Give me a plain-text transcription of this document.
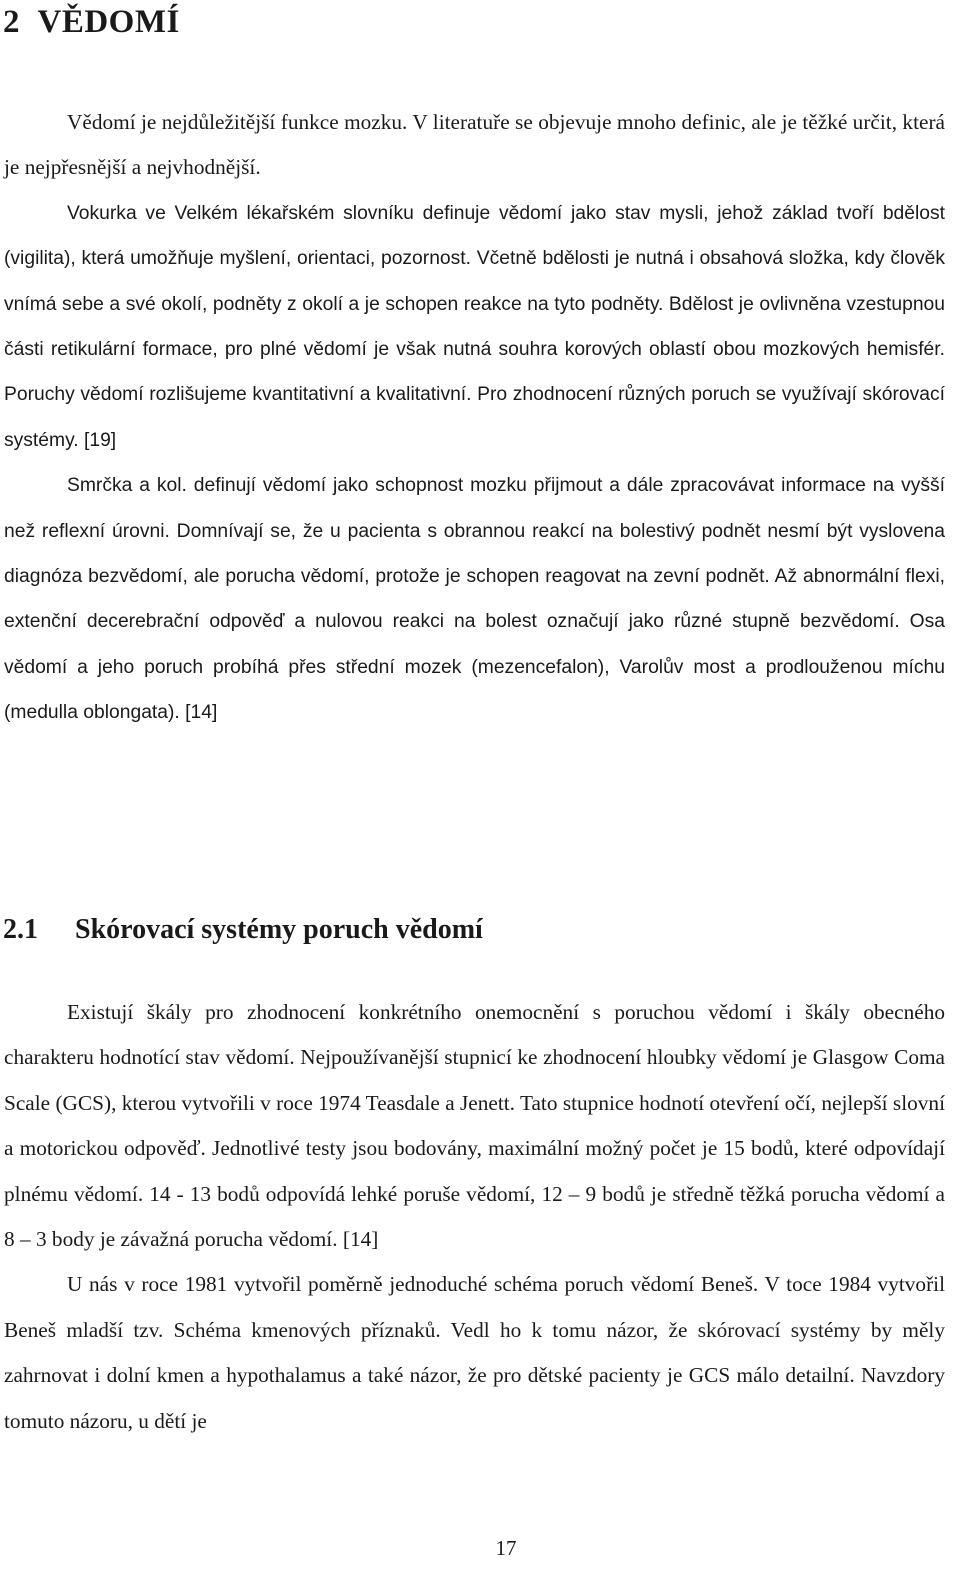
2 VĚDOMÍ

Vědomí je nejdůležitější funkce mozku. V literatuře se objevuje mnoho definic, ale je těžké určit, která je nejpřesnější a nejvhodnější.

Vokurka ve Velkém lékařském slovníku definuje vědomí jako stav mysli, jehož základ tvoří bdělost (vigilita), která umožňuje myšlení, orientaci, pozornost. Včetně bdělosti je nutná i obsahová složka, kdy člověk vnímá sebe a své okolí, podněty z okolí a je schopen reakce na tyto podněty. Bdělost je ovlivněna vzestupnou části retikulární formace, pro plné vědomí je však nutná souhra korových oblastí obou mozkových hemisfér. Poruchy vědomí rozlišujeme kvantitativní a kvalitativní. Pro zhodnocení různých poruch se využívají skórovací systémy. [19]

Smrčka a kol. definují vědomí jako schopnost mozku přijmout a dále zpracovávat informace na vyšší než reflexní úrovni. Domnívají se, že u pacienta s obrannou reakcí na bolestivý podnět nesmí být vyslovena diagnóza bezvědomí, ale porucha vědomí, protože je schopen reagovat na zevní podnět. Až abnormální flexi, extenční decerebrační odpověď a nulovou reakci na bolest označují jako různé stupně bezvědomí. Osa vědomí a jeho poruch probíhá přes střední mozek (mezencefalon), Varolův most a prodlouženou míchu (medulla oblongata). [14]

2.1 Skórovací systémy poruch vědomí

Existují škály pro zhodnocení konkrétního onemocnění s poruchou vědomí i škály obecného charakteru hodnotící stav vědomí. Nejpoužívanější stupnicí ke zhodnocení hloubky vědomí je Glasgow Coma Scale (GCS), kterou vytvořili v roce 1974 Teasdale a Jenett. Tato stupnice hodnotí otevření očí, nejlepší slovní a motorickou odpověď. Jednotlivé testy jsou bodovány, maximální možný počet je 15 bodů, které odpovídají plnému vědomí. 14 - 13 bodů odpovídá lehké poruše vědomí, 12 – 9 bodů je středně těžká porucha vědomí a 8 – 3 body je závažná porucha vědomí. [14]

U nás v roce 1981 vytvořil poměrně jednoduché schéma poruch vědomí Beneš. V toce 1984 vytvořil Beneš mladší tzv. Schéma kmenových příznaků. Vedl ho k tomu názor, že skórovací systémy by měly zahrnovat i dolní kmen a hypothalamus a také názor, že pro dětské pacienty je GCS málo detailní. Navzdory tomuto názoru, u dětí je

17
